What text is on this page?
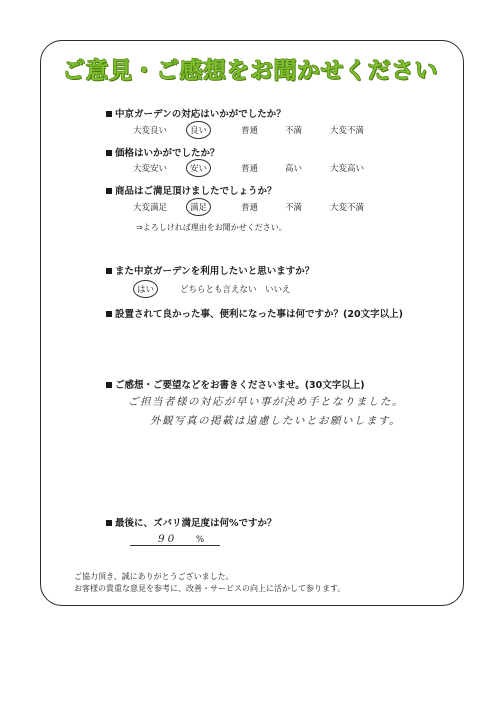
ご意見・ご感想をお聞かせください
中京ガーデンの対応はいかがでしたか？
大変良い	良い	普通	不満	大変不満
価格はいかがでしたか？
大変安い	安い	普通	高い	大変高い
商品はご満足頂けましたでしょうか？
大変満足	満足	普通	不満	大変不満
⇒よろしければ理由をお聞かせください。
また中京ガーデンを利用したいと思いますか？
はい	どちらとも言えない いいえ
設置されて良かった事、便利になった事は何ですか？(20文字以上)
ご感想・ご要望などをお書きくださいませ。(30文字以上)
ご担当者様の対応が早い事が決め手となりました。
外観写真の掲載は遠慮したいとお願いします。
最後に、ズバリ満足度は何%ですか？
90 %
ご協力頂き、誠にありがとうございました。
お客様の貴重な意見を参考に、改善・サービスの向上に活かして参ります。
